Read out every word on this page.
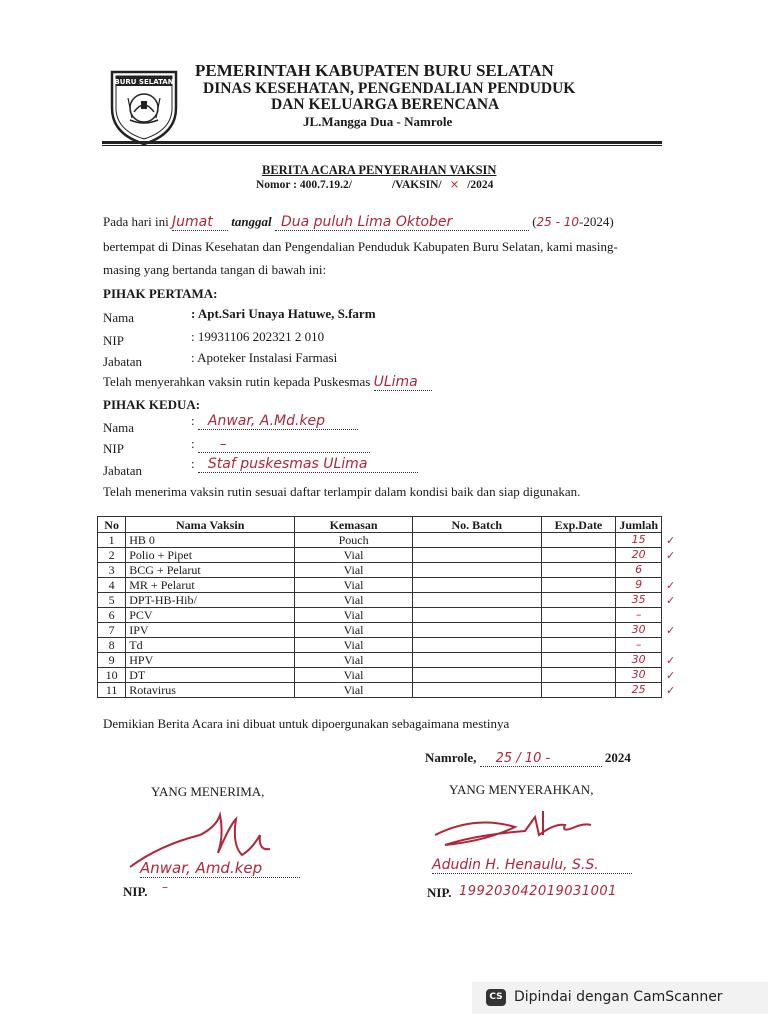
BURU SELATAN
PEMERINTAH KABUPATEN BURU SELATAN
DINAS KESEHATAN, PENGENDALIAN PENDUDUK
DAN KELUARGA BERENCANA
JL.Mangga Dua - Namrole
BERITA ACARA PENYERAHAN VAKSIN
Nomor : 400.7.19.2/	/VAKSIN/ × /2024
Pada hari ini Jumat tanggal Dua puluh Lima Oktober	(25 - 10-2024)
bertempat di Dinas Kesehatan dan Pengendalian Penduduk Kabupaten Buru Selatan, kami masing-
masing yang bertanda tangan di bawah ini:
PIHAK PERTAMA:
Nama	: Apt.Sari Unaya Hatuwe, S.farm
NIP	: 19931106 202321 2 010
Jabatan	: Apoteker Instalasi Farmasi
Telah menyerahkan vaksin rutin kepada Puskesmas ULima
PIHAK KEDUA:
Nama	: Anwar, A.Md.kep
NIP	: –
Jabatan	: Staf puskesmas ULima
Telah menerima vaksin rutin sesuai daftar terlampir dalam kondisi baik dan siap digunakan.
No	Nama Vaksin	Kemasan	No. Batch	Exp.Date	Jumlah
1	HB 0	Pouch			15
2	Polio + Pipet	Vial			20
3	BCG + Pelarut	Vial			6
4	MR + Pelarut	Vial			9
5	DPT-HB-Hib/	Vial			35
6	PCV	Vial			–
7	IPV	Vial			30
8	Td	Vial			–
9	HPV	Vial			30
10	DT	Vial			30
11	Rotavirus	Vial			25
✓
✓
✓
✓
✓
✓
✓
✓
Demikian Berita Acara ini dibuat untuk dipoergunakan sebagaimana mestinya
Namrole, 25 / 10 -	2024
YANG MENERIMA,	YANG MENYERAHKAN,
Anwar, Amd.kep
NIP. –
Adudin H. Henaulu, S.S.
NIP. 199203042019031001
CS Dipindai dengan CamScanner
